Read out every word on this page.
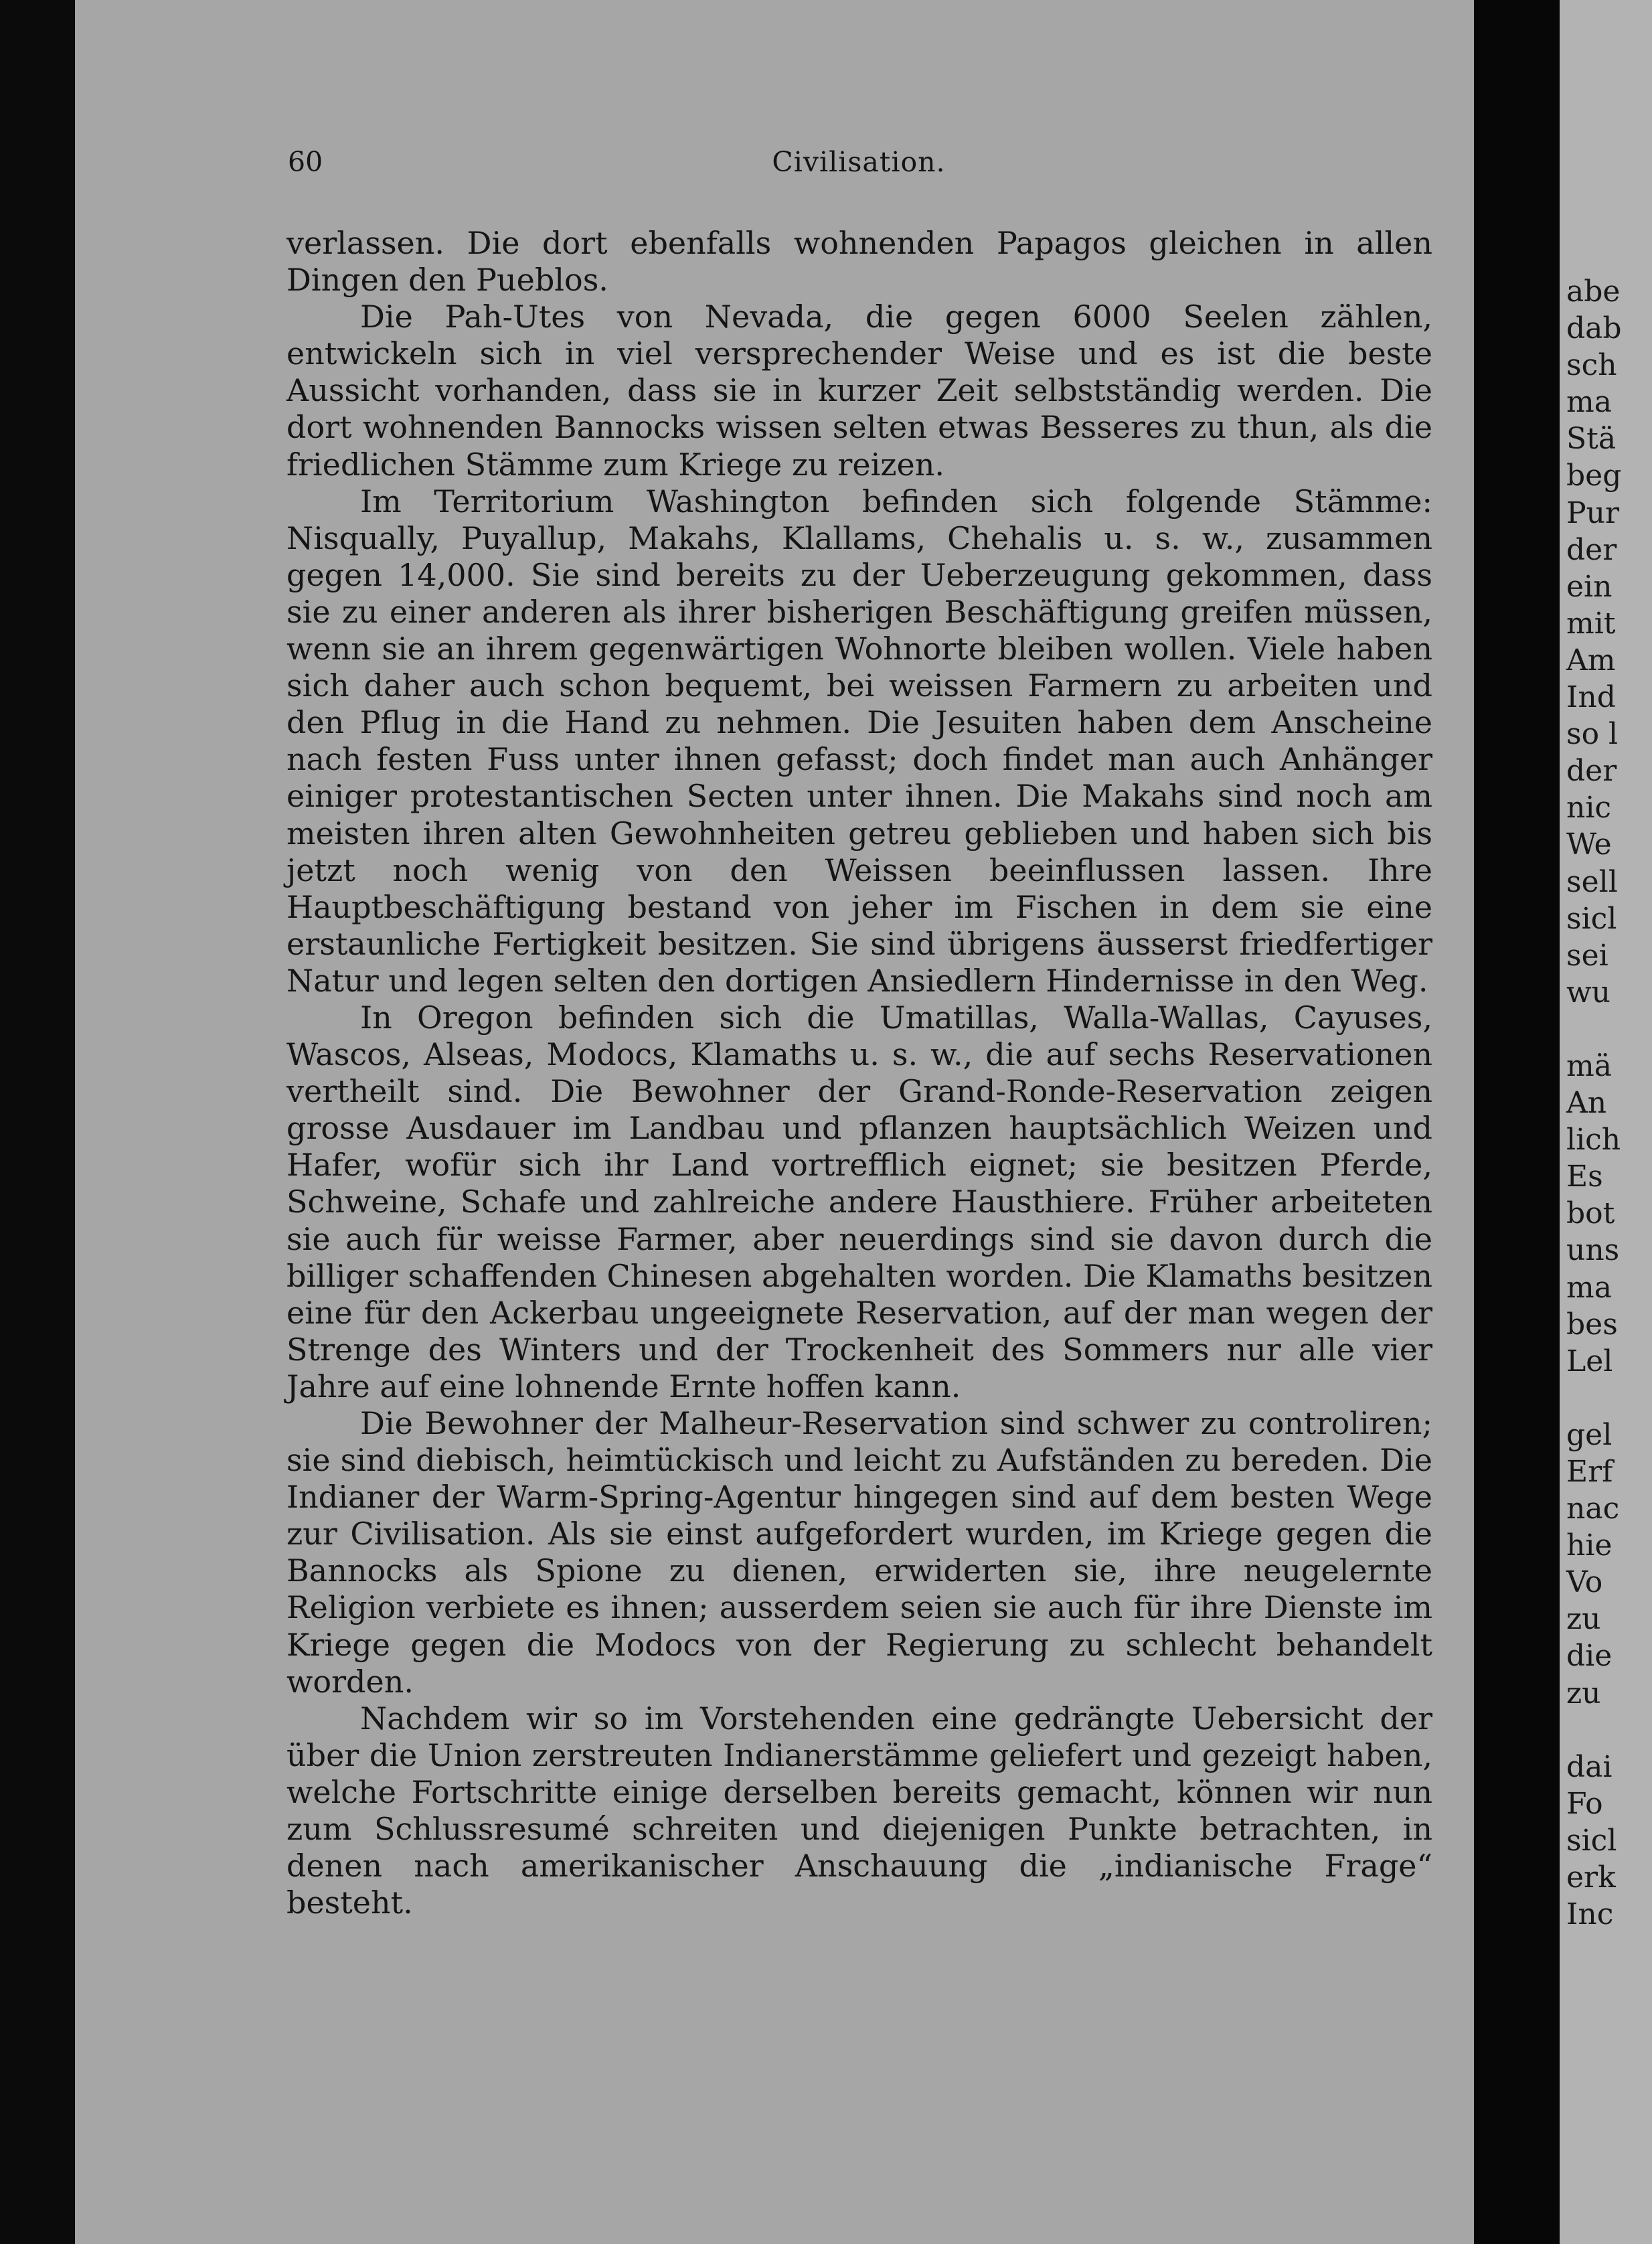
60	Civilisation.

verlassen. Die dort ebenfalls wohnenden Papagos gleichen in allen Dingen den Pueblos.

Die Pah-Utes von Nevada, die gegen 6000 Seelen zählen, entwickeln sich in viel versprechender Weise und es ist die beste Aussicht vorhanden, dass sie in kurzer Zeit selbstständig werden. Die dort wohnenden Bannocks wissen selten etwas Besseres zu thun, als die friedlichen Stämme zum Kriege zu reizen.

Im Territorium Washington befinden sich folgende Stämme: Nisqually, Puyallup, Makahs, Klallams, Chehalis u. s. w., zusammen gegen 14,000. Sie sind bereits zu der Ueberzeugung gekommen, dass sie zu einer anderen als ihrer bisherigen Beschäftigung greifen müssen, wenn sie an ihrem gegenwärtigen Wohnorte bleiben wollen. Viele haben sich daher auch schon bequemt, bei weissen Farmern zu arbeiten und den Pflug in die Hand zu nehmen. Die Jesuiten haben dem Anscheine nach festen Fuss unter ihnen gefasst; doch findet man auch Anhänger einiger protestantischen Secten unter ihnen. Die Makahs sind noch am meisten ihren alten Gewohnheiten getreu geblieben und haben sich bis jetzt noch wenig von den Weissen beeinflussen lassen. Ihre Hauptbeschäftigung bestand von jeher im Fischen in dem sie eine erstaunliche Fertigkeit besitzen. Sie sind übrigens äusserst friedfertiger Natur und legen selten den dortigen Ansiedlern Hindernisse in den Weg.

In Oregon befinden sich die Umatillas, Walla-Wallas, Cayuses, Wascos, Alseas, Modocs, Klamaths u. s. w., die auf sechs Reservationen vertheilt sind. Die Bewohner der Grand-Ronde-Reservation zeigen grosse Ausdauer im Landbau und pflanzen hauptsächlich Weizen und Hafer, wofür sich ihr Land vortrefflich eignet; sie besitzen Pferde, Schweine, Schafe und zahlreiche andere Hausthiere. Früher arbeiteten sie auch für weisse Farmer, aber neuerdings sind sie davon durch die billiger schaffenden Chinesen abgehalten worden. Die Klamaths besitzen eine für den Ackerbau ungeeignete Reservation, auf der man wegen der Strenge des Winters und der Trockenheit des Sommers nur alle vier Jahre auf eine lohnende Ernte hoffen kann.

Die Bewohner der Malheur-Reservation sind schwer zu controliren; sie sind diebisch, heimtückisch und leicht zu Aufständen zu bereden. Die Indianer der Warm-Spring-Agentur hingegen sind auf dem besten Wege zur Civilisation. Als sie einst aufgefordert wurden, im Kriege gegen die Bannocks als Spione zu dienen, erwiderten sie, ihre neugelernte Religion verbiete es ihnen; ausserdem seien sie auch für ihre Dienste im Kriege gegen die Modocs von der Regierung zu schlecht behandelt worden.

Nachdem wir so im Vorstehenden eine gedrängte Uebersicht der über die Union zerstreuten Indianerstämme geliefert und gezeigt haben, welche Fortschritte einige derselben bereits gemacht, können wir nun zum Schlussresumé schreiten und diejenigen Punkte betrachten, in denen nach amerikanischer Anschauung die „indianische Frage“ besteht.

abe
dab
sch
ma
Stä
beg
Pur
der
ein
mit
Am
Ind
so l
der
nic
We
sell
sicl
sei
wu
mä
An
lich
Es
bot
uns
ma
bes
Lel
gel
Erf
nac
hie
Vo
zu
die
zu
dai
Fo
sicl
erk
Inc
